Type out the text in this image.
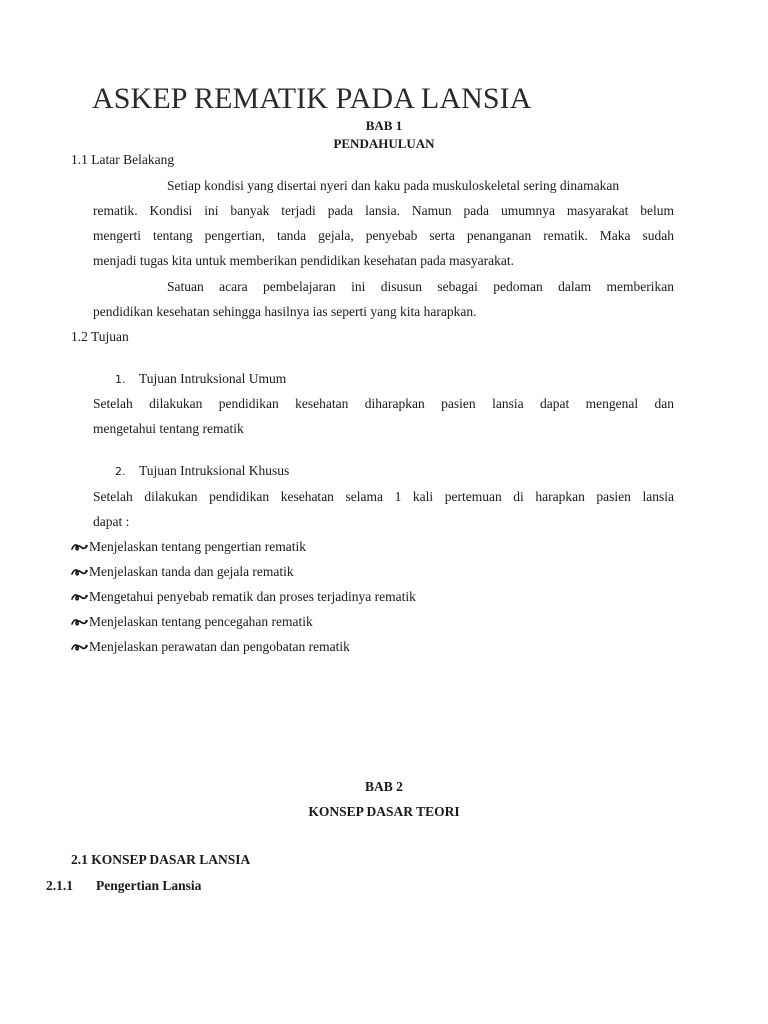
ASKEP REMATIK PADA LANSIA
BAB 1
PENDAHULUAN
1.1 Latar Belakang
Setiap kondisi yang disertai nyeri dan kaku pada muskuloskeletal sering dinamakan
rematik. Kondisi ini banyak terjadi pada lansia. Namun pada umumnya masyarakat belum
mengerti tentang pengertian, tanda gejala, penyebab serta penanganan rematik. Maka sudah
menjadi tugas kita untuk memberikan pendidikan kesehatan pada masyarakat.
Satuan acara pembelajaran ini disusun sebagai pedoman dalam memberikan
pendidikan kesehatan sehingga hasilnya ias seperti yang kita harapkan.
1.2 Tujuan
1. Tujuan Intruksional Umum
Setelah dilakukan pendidikan kesehatan diharapkan pasien lansia dapat mengenal dan
mengetahui tentang rematik
2. Tujuan Intruksional Khusus
Setelah dilakukan pendidikan kesehatan selama 1 kali pertemuan di harapkan pasien lansia
dapat :
Menjelaskan tentang pengertian rematik
Menjelaskan tanda dan gejala rematik
Mengetahui penyebab rematik dan proses terjadinya rematik
Menjelaskan tentang pencegahan rematik
Menjelaskan perawatan dan pengobatan rematik
BAB 2
KONSEP DASAR TEORI
2.1 KONSEP DASAR LANSIA
2.1.1 Pengertian Lansia
